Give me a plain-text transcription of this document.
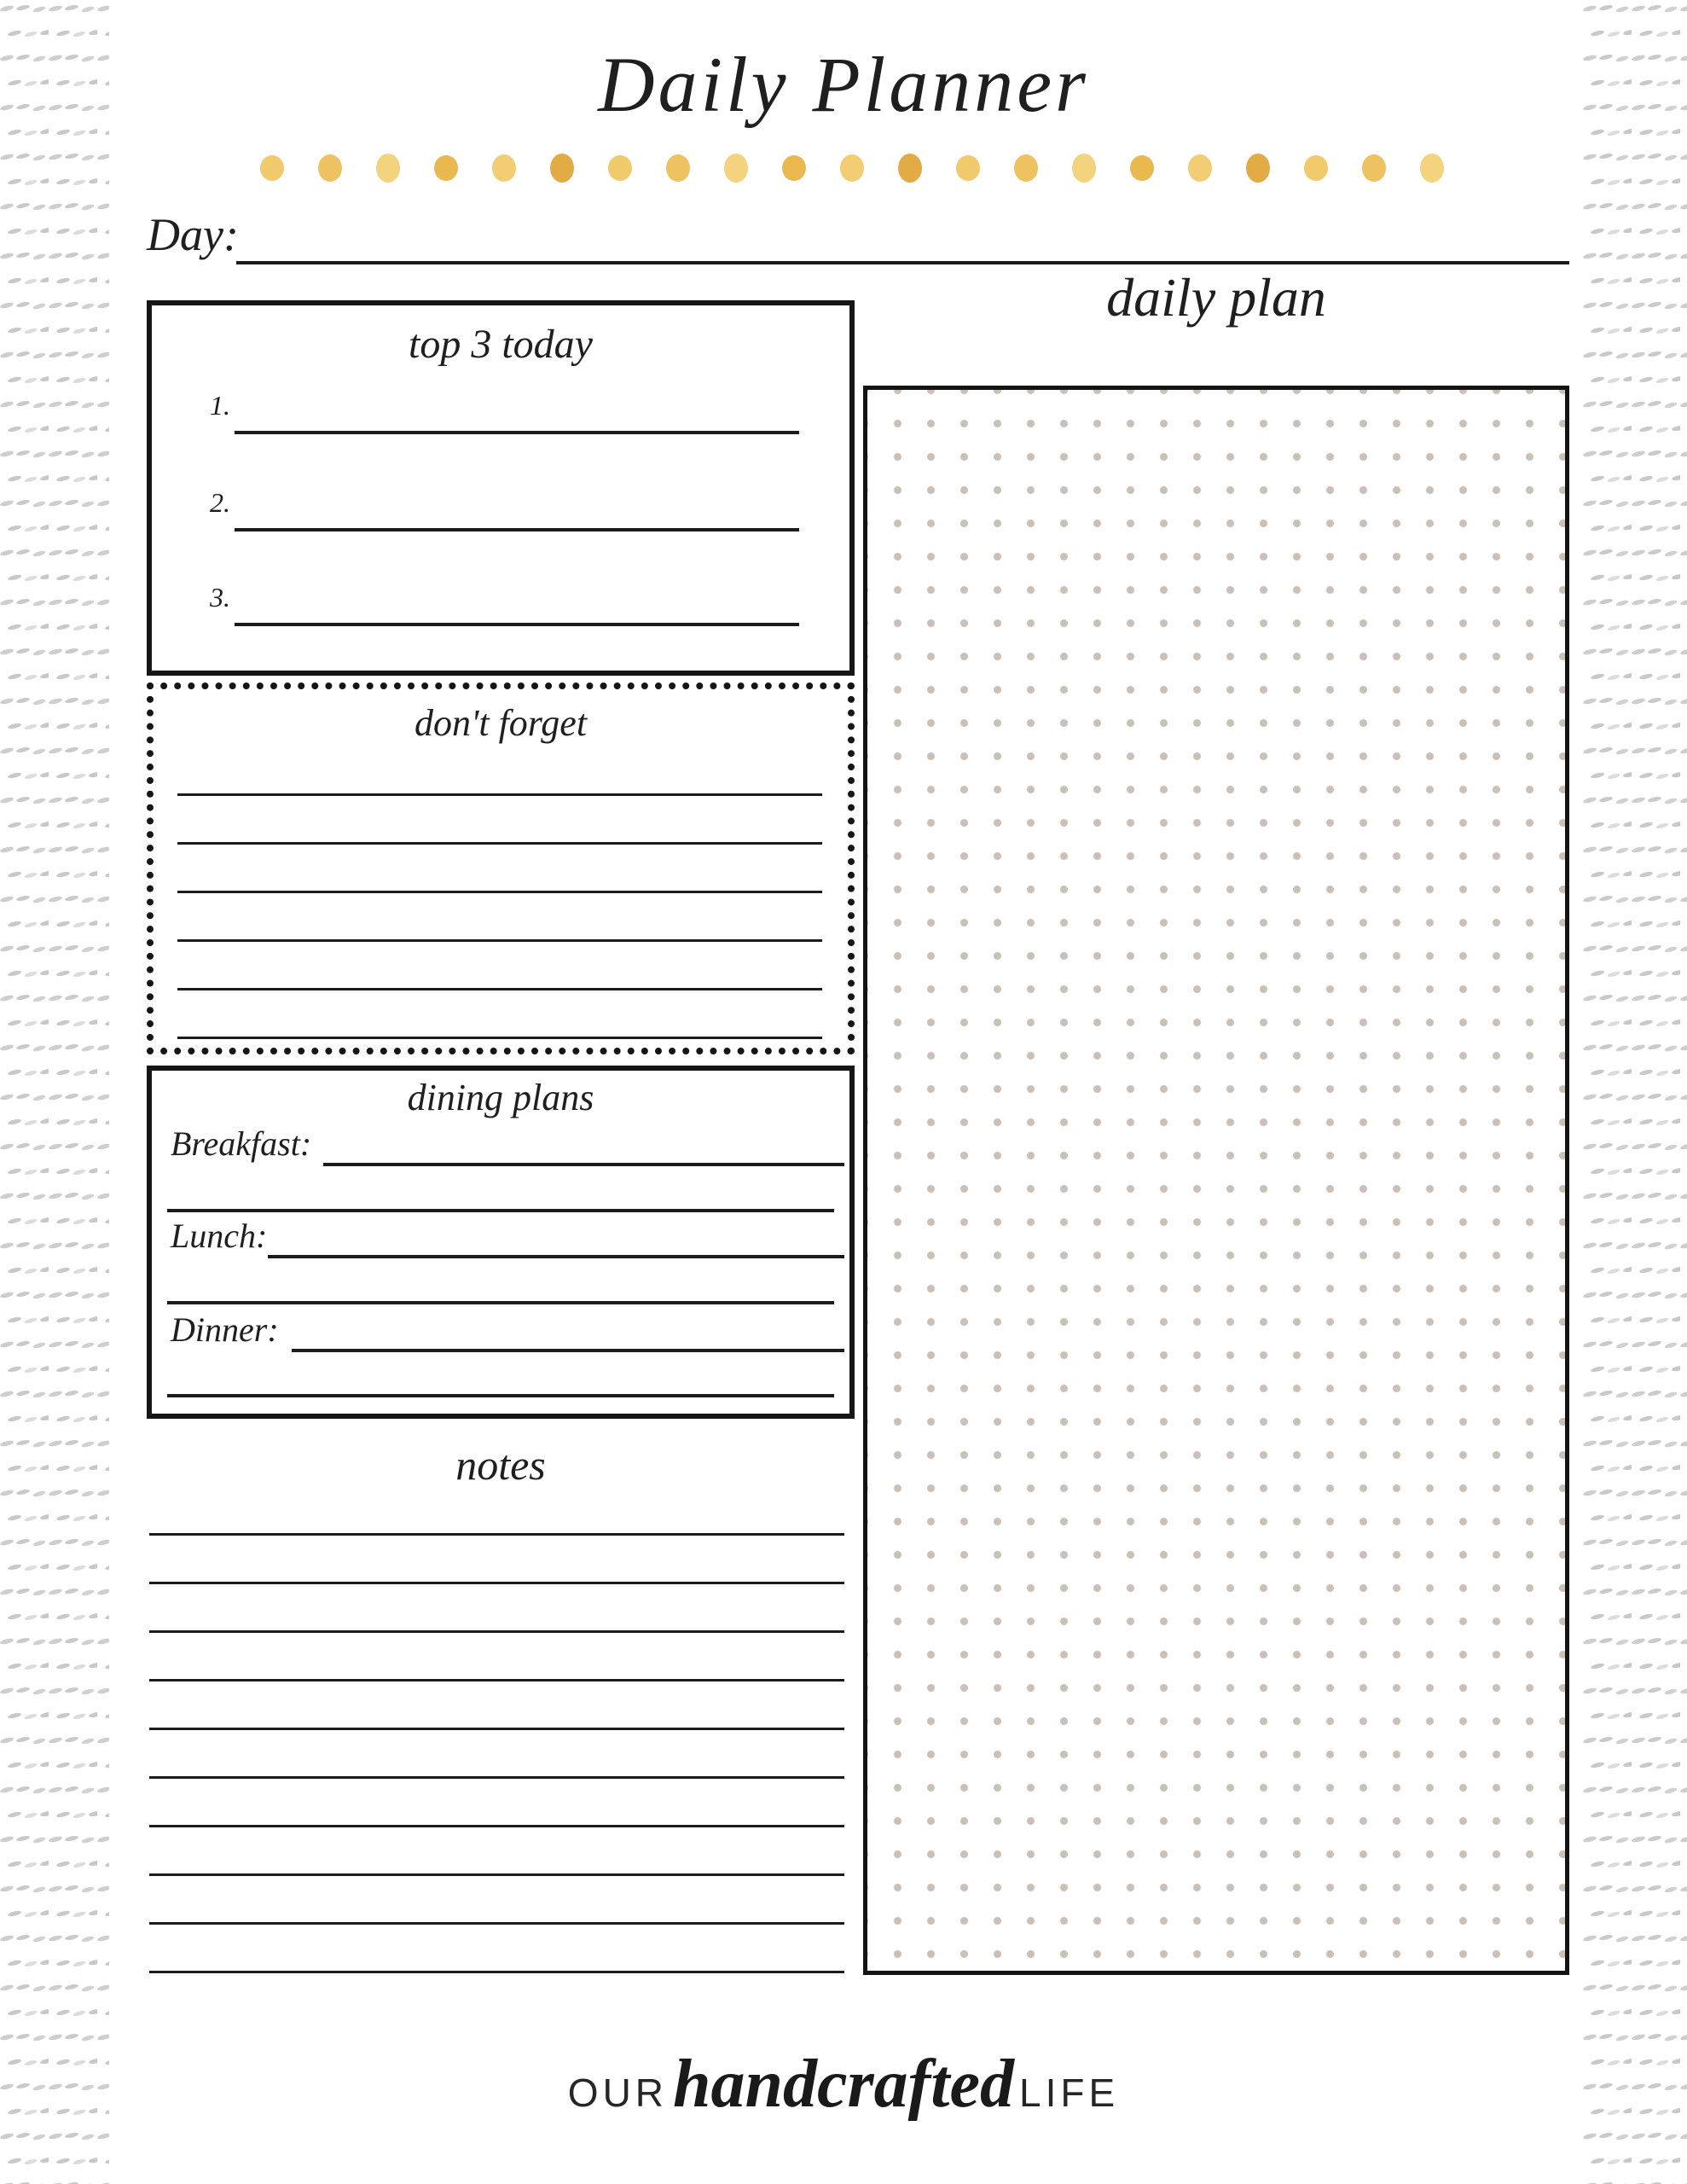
Daily Planner
Day:
top 3 today
1.
2.
3.
don't forget
dining plans
Breakfast:
Lunch:
Dinner:
notes
daily plan
OURhandcrafted LIFE
